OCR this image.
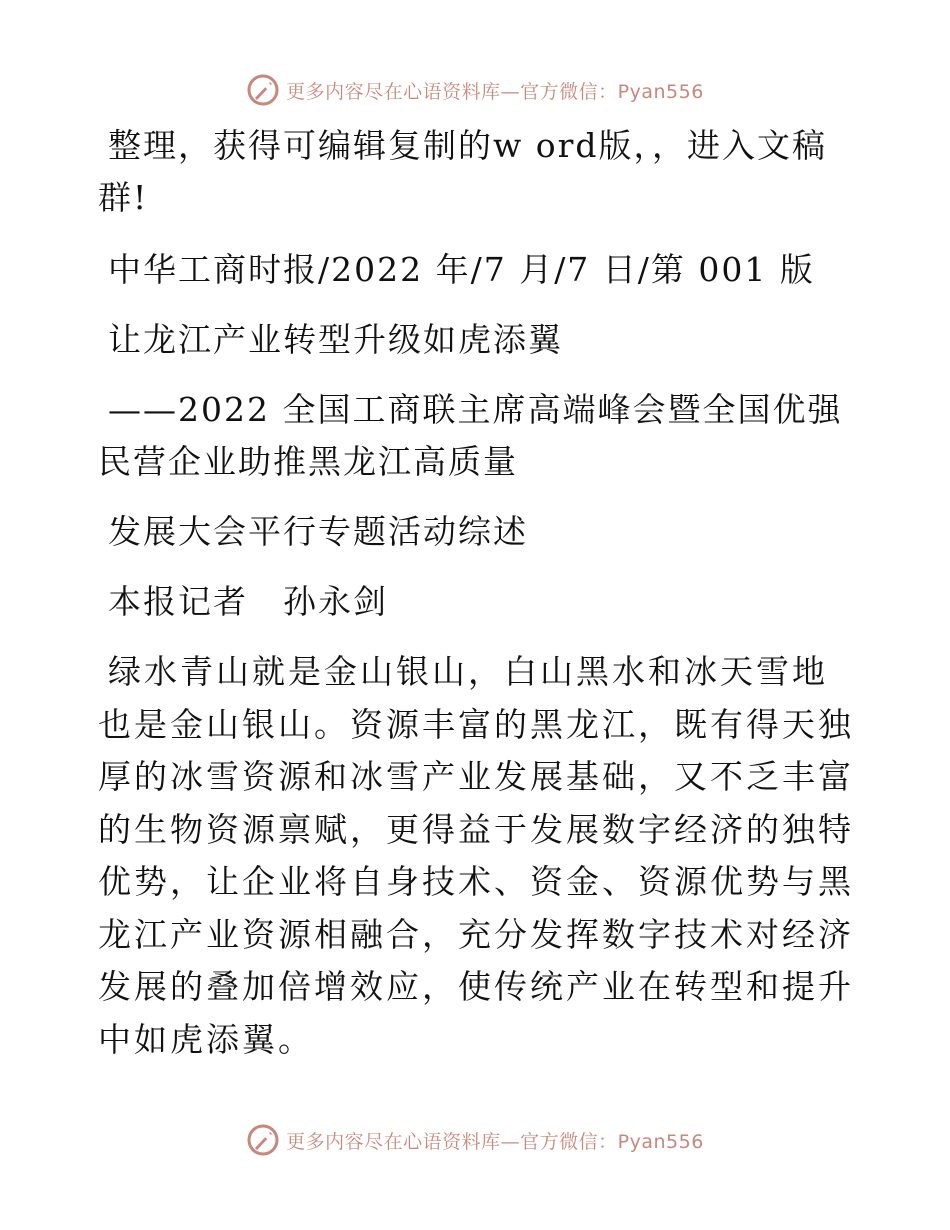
更多内容尽在心语资料库—官方微信：Pyan556

整理，获得可编辑复制的w ord版，，进入文稿群!

中华工商时报/2022 年/7 月/7 日/第 001 版

让龙江产业转型升级如虎添翼

——2022 全国工商联主席高端峰会暨全国优强民营企业助推黑龙江高质量

发展大会平行专题活动综述

本报记者　孙永剑

绿水青山就是金山银山，白山黑水和冰天雪地也是金山银山。资源丰富的黑龙江，既有得天独厚的冰雪资源和冰雪产业发展基础，又不乏丰富的生物资源禀赋，更得益于发展数字经济的独特优势，让企业将自身技术、资金、资源优势与黑龙江产业资源相融合，充分发挥数字技术对经济发展的叠加倍增效应，使传统产业在转型和提升中如虎添翼。

更多内容尽在心语资料库—官方微信：Pyan556
